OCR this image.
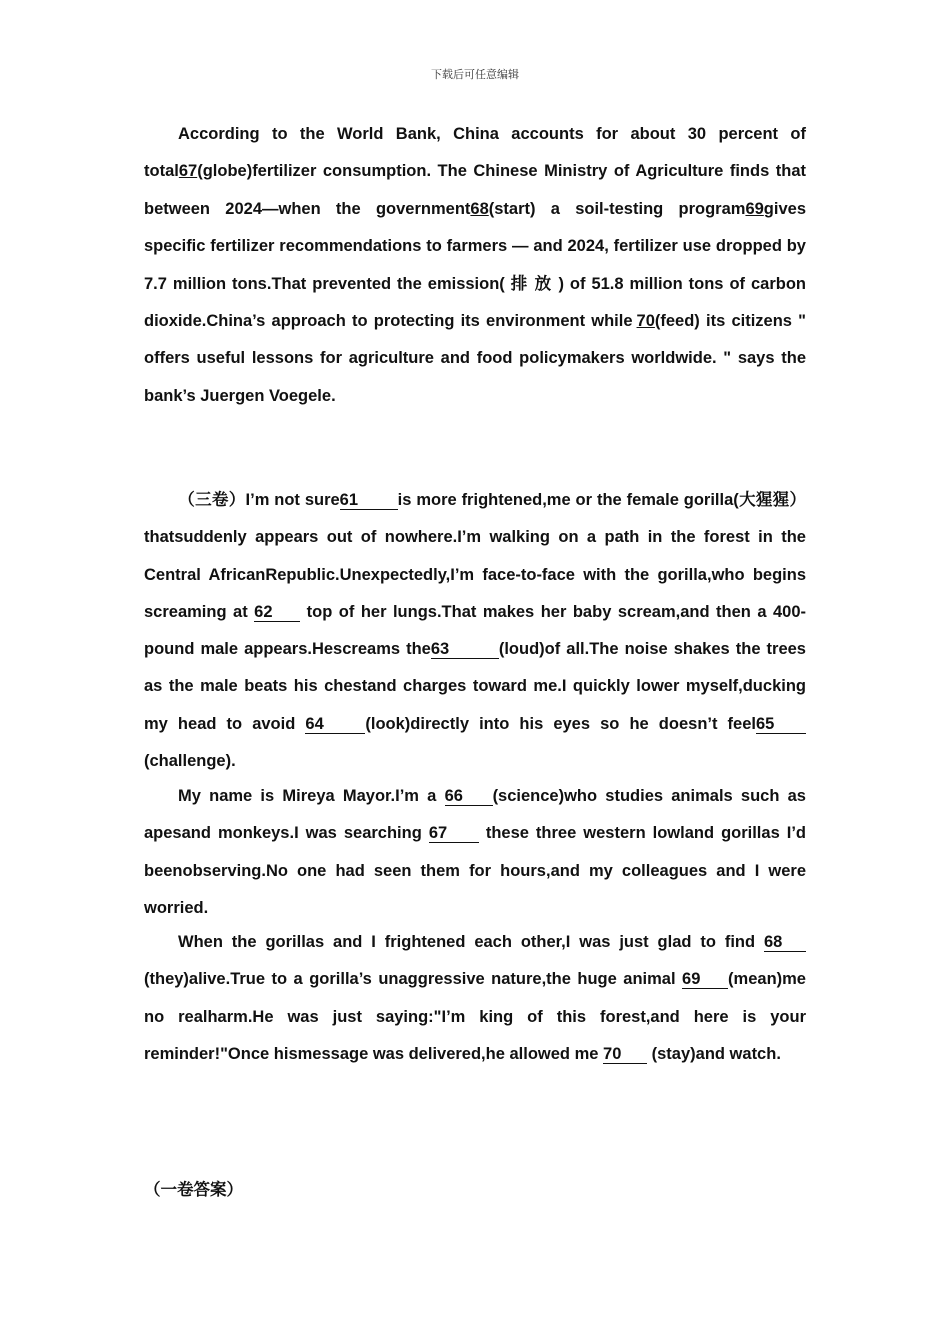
下载后可任意编辑
According to the World Bank, China accounts for about 30 percent of total67(globe)fertilizer consumption. The Chinese Ministry of Agriculture finds that between 2024—when the government68(start) a soil-testing program69gives specific fertilizer recommendations to farmers — and 2024, fertilizer use dropped by 7.7 million tons.That prevented the emission( 排 放 ) of 51.8 million tons of carbon dioxide.China’s approach to protecting its environment while 70(feed) its citizens " offers useful lessons for agriculture and food policymakers worldwide. " says the bank’s Juergen Voegele.
（三卷）I’m not sure61 is more frightened,me or the female gorilla(大猩猩）thatsuddenly appears out of nowhere.I’m walking on a path in the forest in the Central AfricanRepublic.Unexpectedly,I’m face-to-face with the gorilla,who begins screaming at 62 top of her lungs.That makes her baby scream,and then a 400-pound male appears.Hescreams the63	(loud)of all.The noise shakes the trees as the male beats his chestand charges toward me.I quickly lower myself,ducking my head to avoid 64	(look)directly into his eyes so he doesn’t feel65(challenge).
My name is Mireya Mayor.I’m a 66 (science)who studies animals such as apesand monkeys.I was searching 67 these three western lowland gorillas I’d beenobserving.No one had seen them for hours,and my colleagues and I were worried.
When the gorillas and I frightened each other,I was just glad to find 68(they)alive.True to a gorilla’s unaggressive nature,the huge animal 69 (mean)me no realharm.He was just saying:"I’m king of this forest,and here is your reminder!"Once hismessage was delivered,he allowed me 70 (stay)and watch.
（一卷答案）
